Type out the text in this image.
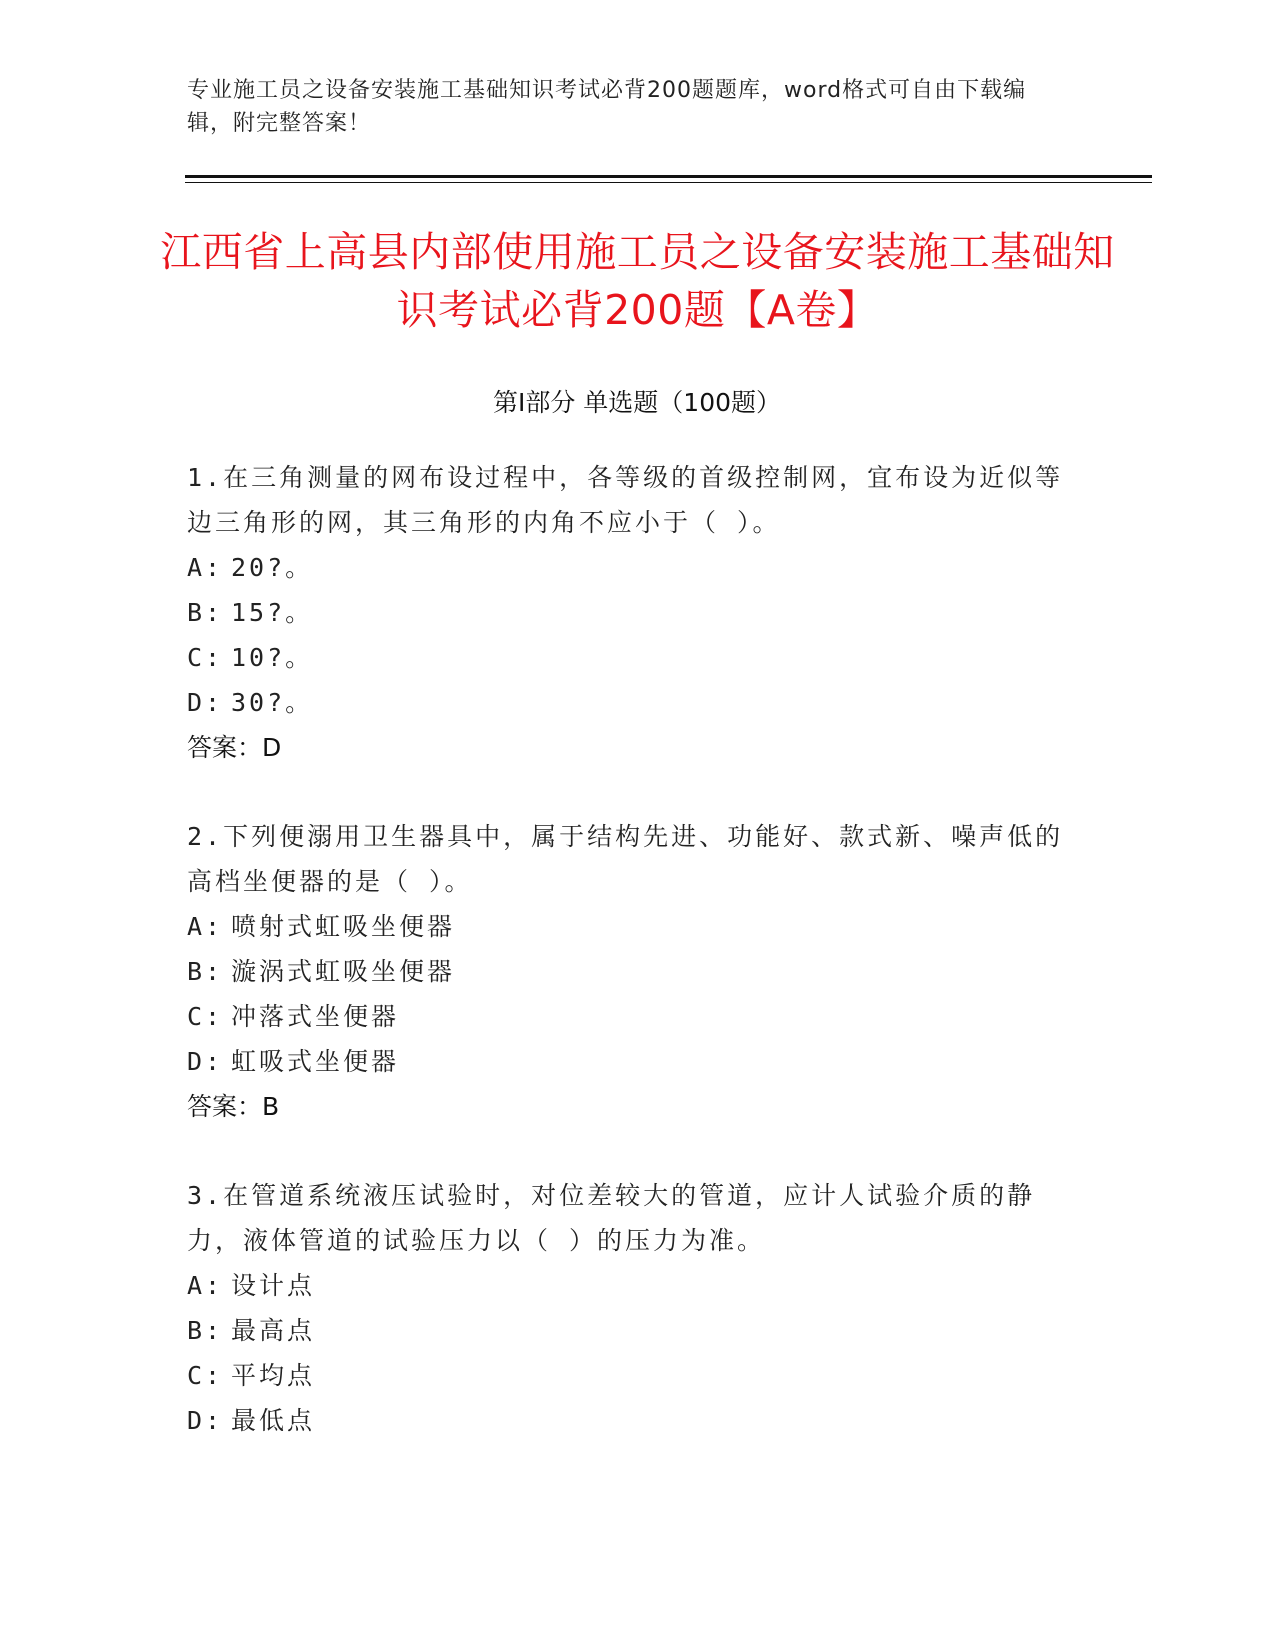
专业施工员之设备安装施工基础知识考试必背200题题库，word格式可自由下载编辑，附完整答案！
江西省上高县内部使用施工员之设备安装施工基础知识考试必背200题【A卷】
第Ⅰ部分 单选题（100题）

1.在三角测量的网布设过程中，各等级的首级控制网，宜布设为近似等边三角形的网，其三角形的内角不应小于（ ）。

A: 20?。
B: 15?。
C: 10?。
D: 30?。

答案：D

2.下列便溺用卫生器具中，属于结构先进、功能好、款式新、噪声低的高档坐便器的是（ ）。

A: 喷射式虹吸坐便器
B: 漩涡式虹吸坐便器
C: 冲落式坐便器
D: 虹吸式坐便器

答案：B

3.在管道系统液压试验时，对位差较大的管道，应计人试验介质的静力，液体管道的试验压力以（ ）的压力为准。

A: 设计点
B: 最高点
C: 平均点
D: 最低点
